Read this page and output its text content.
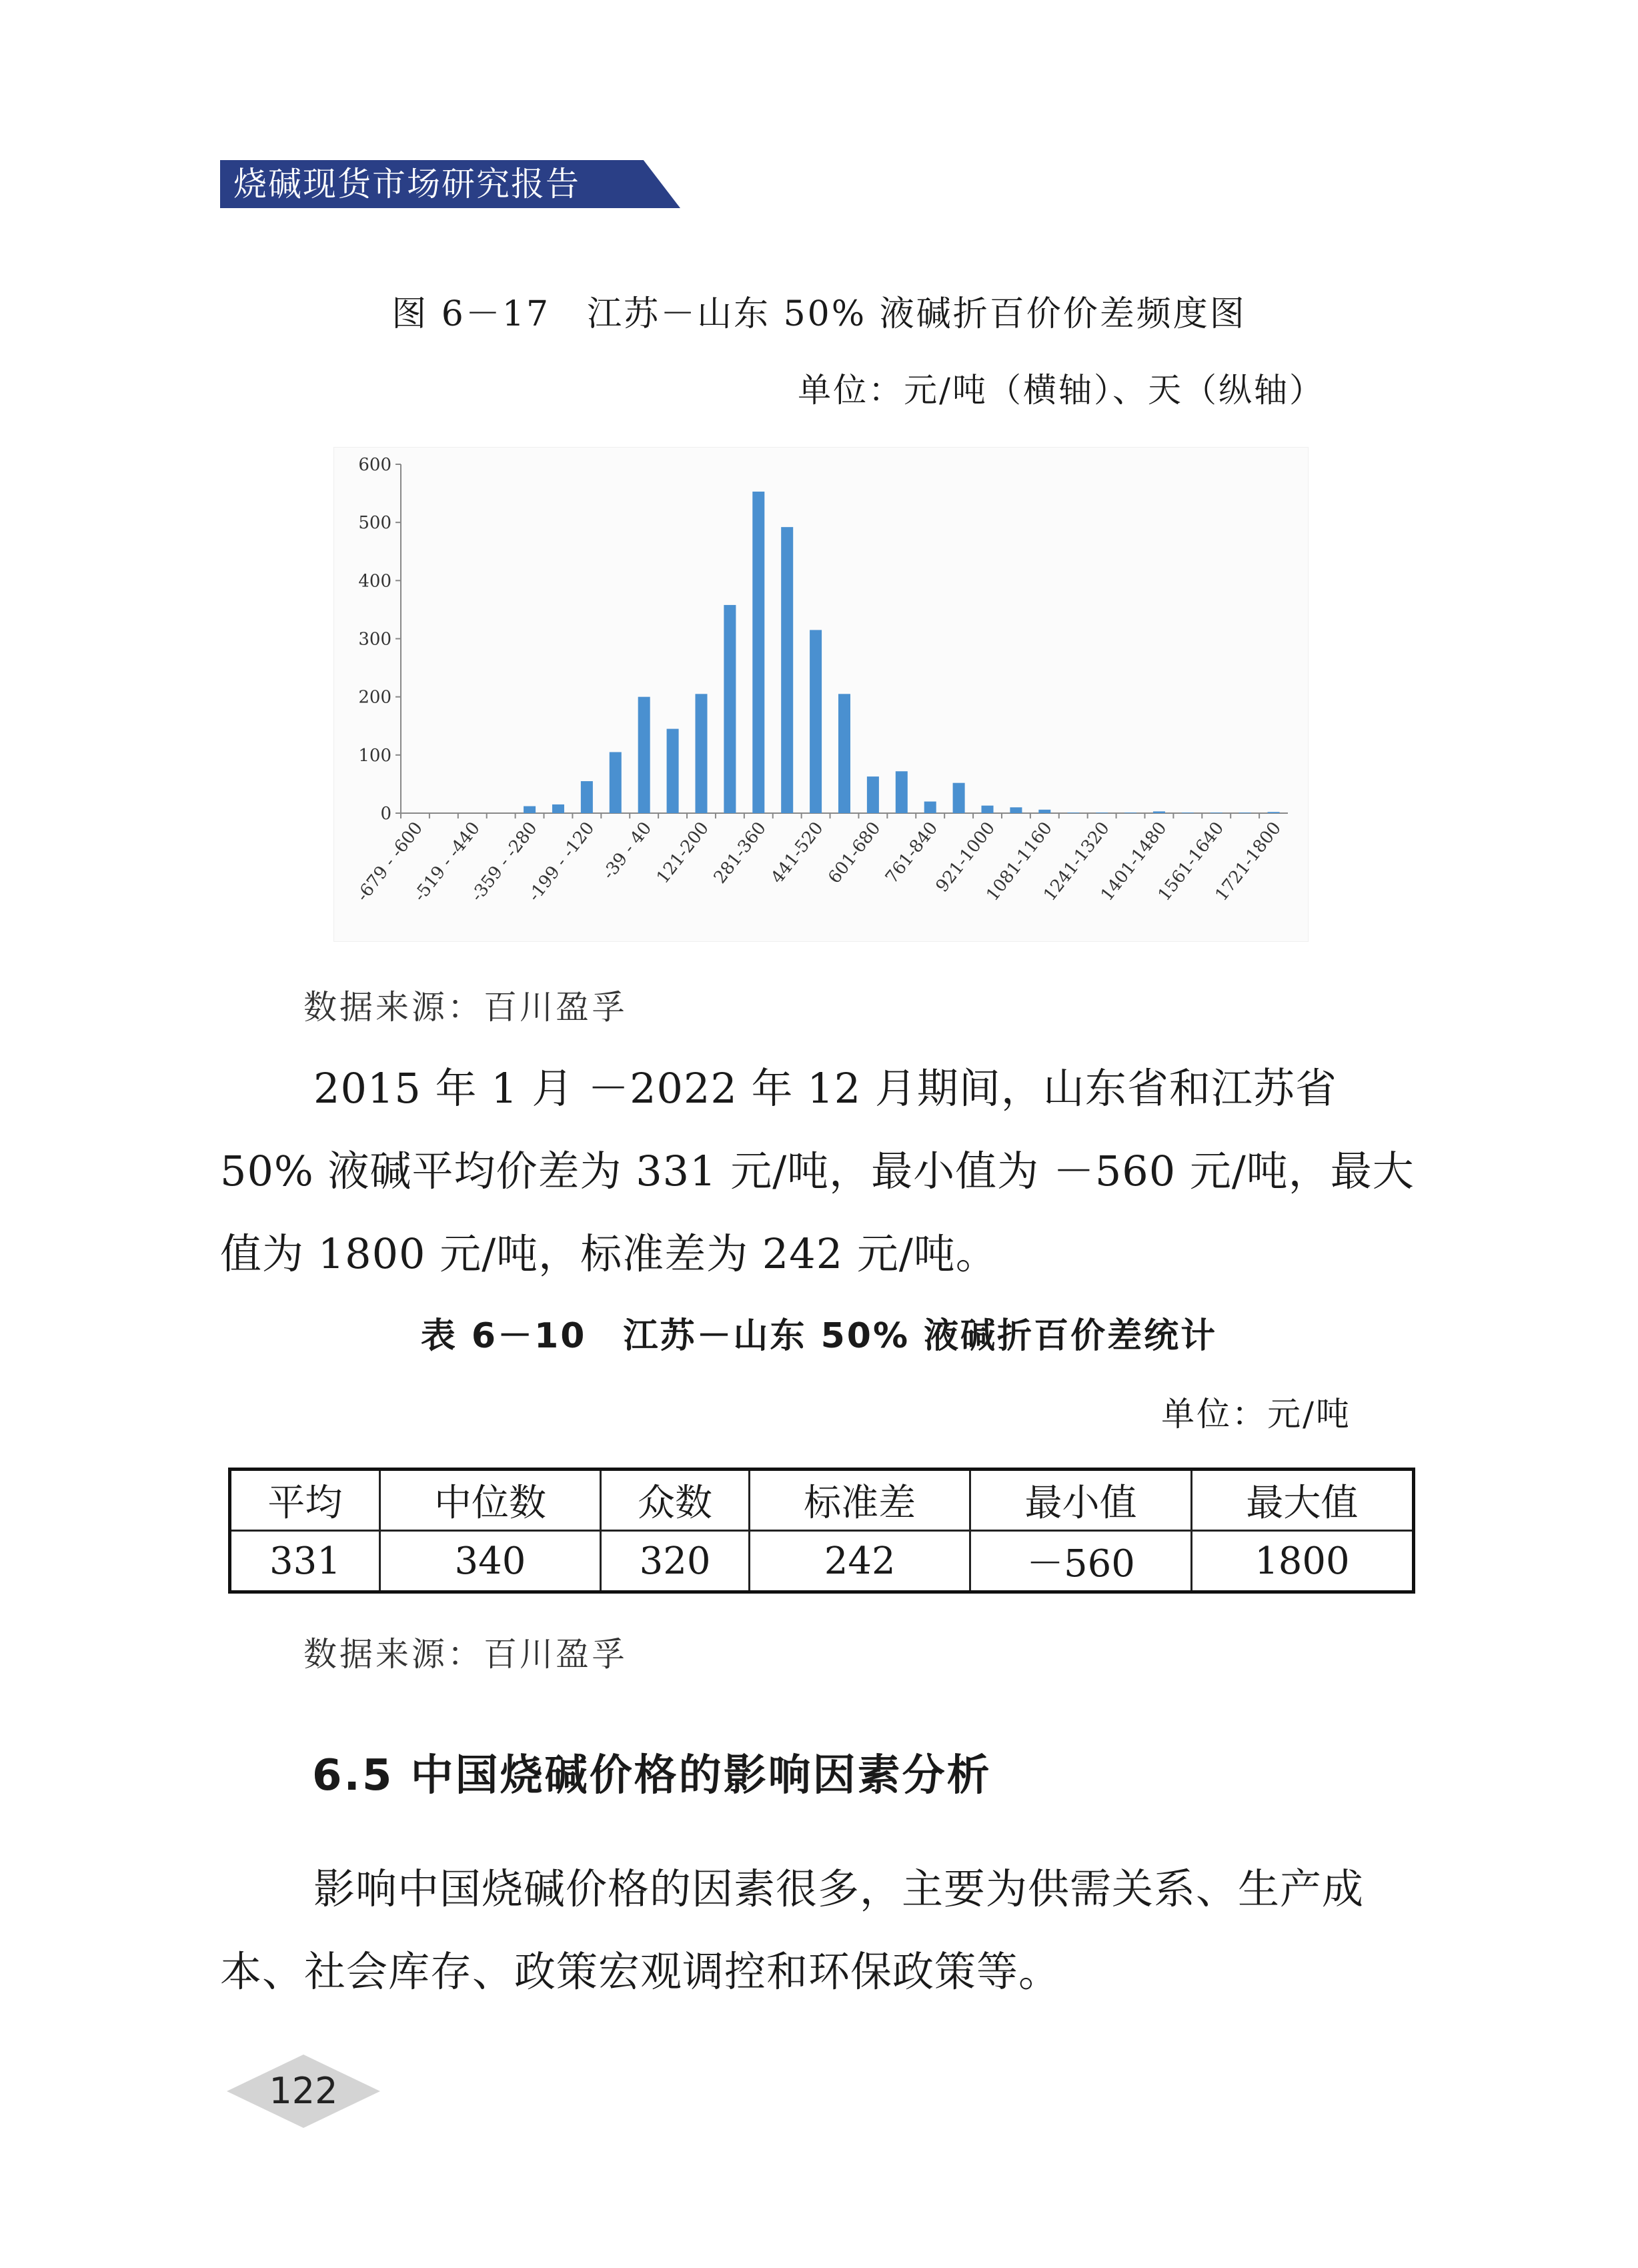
烧碱现货市场研究报告
图 6－17　江苏－山东 50% 液碱折百价价差频度图
单位：元/吨（横轴）、天（纵轴）
0
100
200
300
400
500
600
-679 - -600
-519 - -440
-359 - -280
-199 - -120 -39 - 40
121-200
281-360
441-520
601-680
761-840
921-1000
1081-1160
1241-1320
1401-1480
1561-1640
1721-1800
数据来源：百川盈孚
2015 年 1 月 －2022 年 12 月期间，山东省和江苏省 50% 液碱平均价差为 331 元/吨，最小值为 －560 元/吨，最大值为 1800 元/吨，标准差为 242 元/吨。
表 6－10　江苏－山东 50% 液碱折百价差统计
单位：元/吨
平均	中位数	众数	标准差	最小值	最大值
331	340	320	242	－560	1800
数据来源：百川盈孚
6.5 中国烧碱价格的影响因素分析
影响中国烧碱价格的因素很多，主要为供需关系、生产成本、社会库存、政策宏观调控和环保政策等。
122
